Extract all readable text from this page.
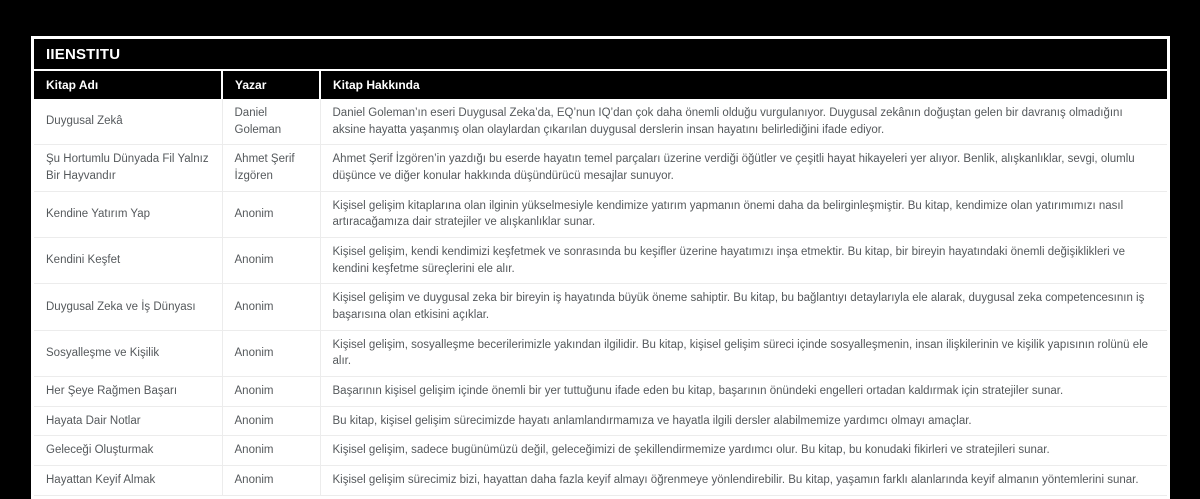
IIENSTITU
Kitap Adı	Yazar	Kitap Hakkında
Duygusal Zekâ	Daniel Goleman	Daniel Goleman’ın eseri Duygusal Zeka’da, EQ’nun IQ’dan çok daha önemli olduğu vurgulanıyor. Duygusal zekânın doğuştan gelen bir davranış olmadığını aksine hayatta yaşanmış olan olaylardan çıkarılan duygusal derslerin insan hayatını belirlediğini ifade ediyor.
Şu Hortumlu Dünyada Fil Yalnız Bir Hayvandır	Ahmet Şerif İzgören	Ahmet Şerif İzgören’in yazdığı bu eserde hayatın temel parçaları üzerine verdiği öğütler ve çeşitli hayat hikayeleri yer alıyor. Benlik, alışkanlıklar, sevgi, olumlu düşünce ve diğer konular hakkında düşündürücü mesajlar sunuyor.
Kendine Yatırım Yap	Anonim	Kişisel gelişim kitaplarına olan ilginin yükselmesiyle kendimize yatırım yapmanın önemi daha da belirginleşmiştir. Bu kitap, kendimize olan yatırımımızı nasıl artıracağamıza dair stratejiler ve alışkanlıklar sunar.
Kendini Keşfet	Anonim	Kişisel gelişim, kendi kendimizi keşfetmek ve sonrasında bu keşifler üzerine hayatımızı inşa etmektir. Bu kitap, bir bireyin hayatındaki önemli değişiklikleri ve kendini keşfetme süreçlerini ele alır.
Duygusal Zeka ve İş Dünyası	Anonim	Kişisel gelişim ve duygusal zeka bir bireyin iş hayatında büyük öneme sahiptir. Bu kitap, bu bağlantıyı detaylarıyla ele alarak, duygusal zeka competencesının iş başarısına olan etkisini açıklar.
Sosyalleşme ve Kişilik	Anonim	Kişisel gelişim, sosyalleşme becerilerimizle yakından ilgilidir. Bu kitap, kişisel gelişim süreci içinde sosyalleşmenin, insan ilişkilerinin ve kişilik yapısının rolünü ele alır.
Her Şeye Rağmen Başarı	Anonim	Başarının kişisel gelişim içinde önemli bir yer tuttuğunu ifade eden bu kitap, başarının önündeki engelleri ortadan kaldırmak için stratejiler sunar.
Hayata Dair Notlar	Anonim	Bu kitap, kişisel gelişim sürecimizde hayatı anlamlandırmamıza ve hayatla ilgili dersler alabilmemize yardımcı olmayı amaçlar.
Geleceği Oluşturmak	Anonim	Kişisel gelişim, sadece bugünümüzü değil, geleceğimizi de şekillendirmemize yardımcı olur. Bu kitap, bu konudaki fikirleri ve stratejileri sunar.
Hayattan Keyif Almak	Anonim	Kişisel gelişim sürecimiz bizi, hayattan daha fazla keyif almayı öğrenmeye yönlendirebilir. Bu kitap, yaşamın farklı alanlarında keyif almanın yöntemlerini sunar.
